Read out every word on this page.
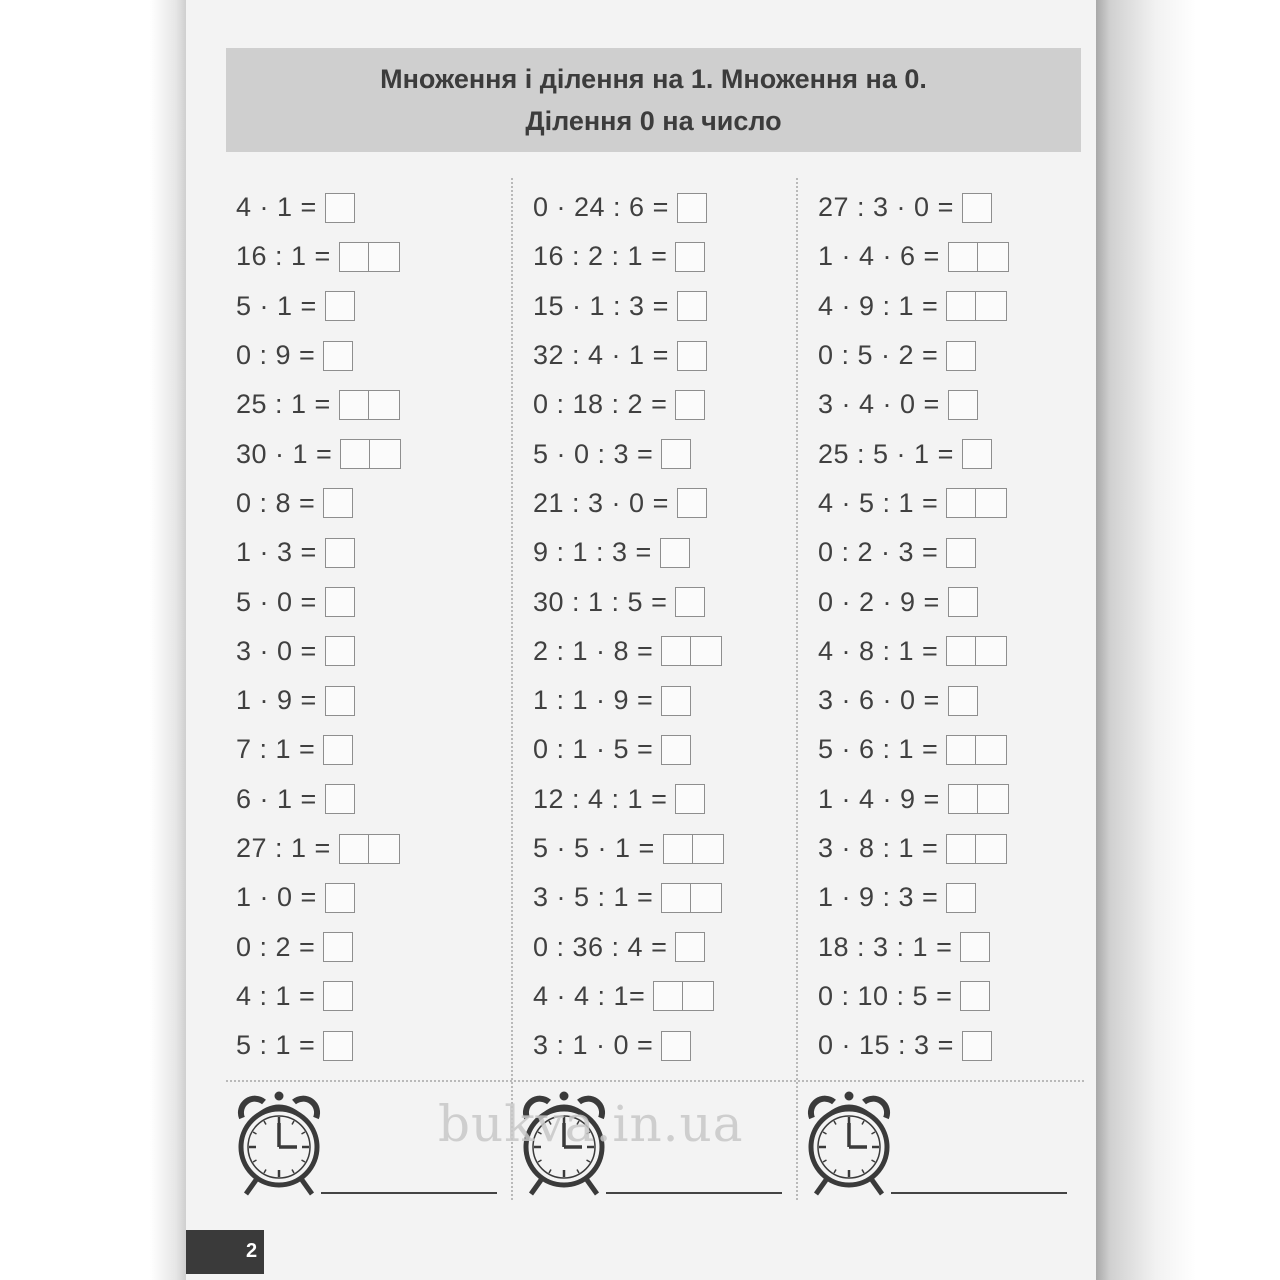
Множення і ділення на 1. Множення на 0.
Ділення 0 на число
4 · 1 =
16 : 1 =
5 · 1 =
0 : 9 =
25 : 1 =
30 · 1 =
0 : 8 =
1 · 3 =
5 · 0 =
3 · 0 =
1 · 9 =
7 : 1 =
6 · 1 =
27 : 1 =
1 · 0 =
0 : 2 =
4 : 1 =
5 : 1 =
0 · 24 : 6 =
16 : 2 : 1 =
15 · 1 : 3 =
32 : 4 · 1 =
0 : 18 : 2 =
5 · 0 : 3 =
21 : 3 · 0 =
9 : 1 : 3 =
30 : 1 : 5 =
2 : 1 · 8 =
1 : 1 · 9 =
0 : 1 · 5 =
12 : 4 : 1 =
5 · 5 · 1 =
3 · 5 : 1 =
0 : 36 : 4 =
4 · 4 : 1=
3 : 1 · 0 =
27 : 3 · 0 =
1 · 4 · 6 =
4 · 9 : 1 =
0 : 5 · 2 =
3 · 4 · 0 =
25 : 5 · 1 =
4 · 5 : 1 =
0 : 2 · 3 =
0 · 2 · 9 =
4 · 8 : 1 =
3 · 6 · 0 =
5 · 6 : 1 =
1 · 4 · 9 =
3 · 8 : 1 =
1 · 9 : 3 =
18 : 3 : 1 =
0 : 10 : 5 =
0 · 15 : 3 =
bukva.in.ua
2
